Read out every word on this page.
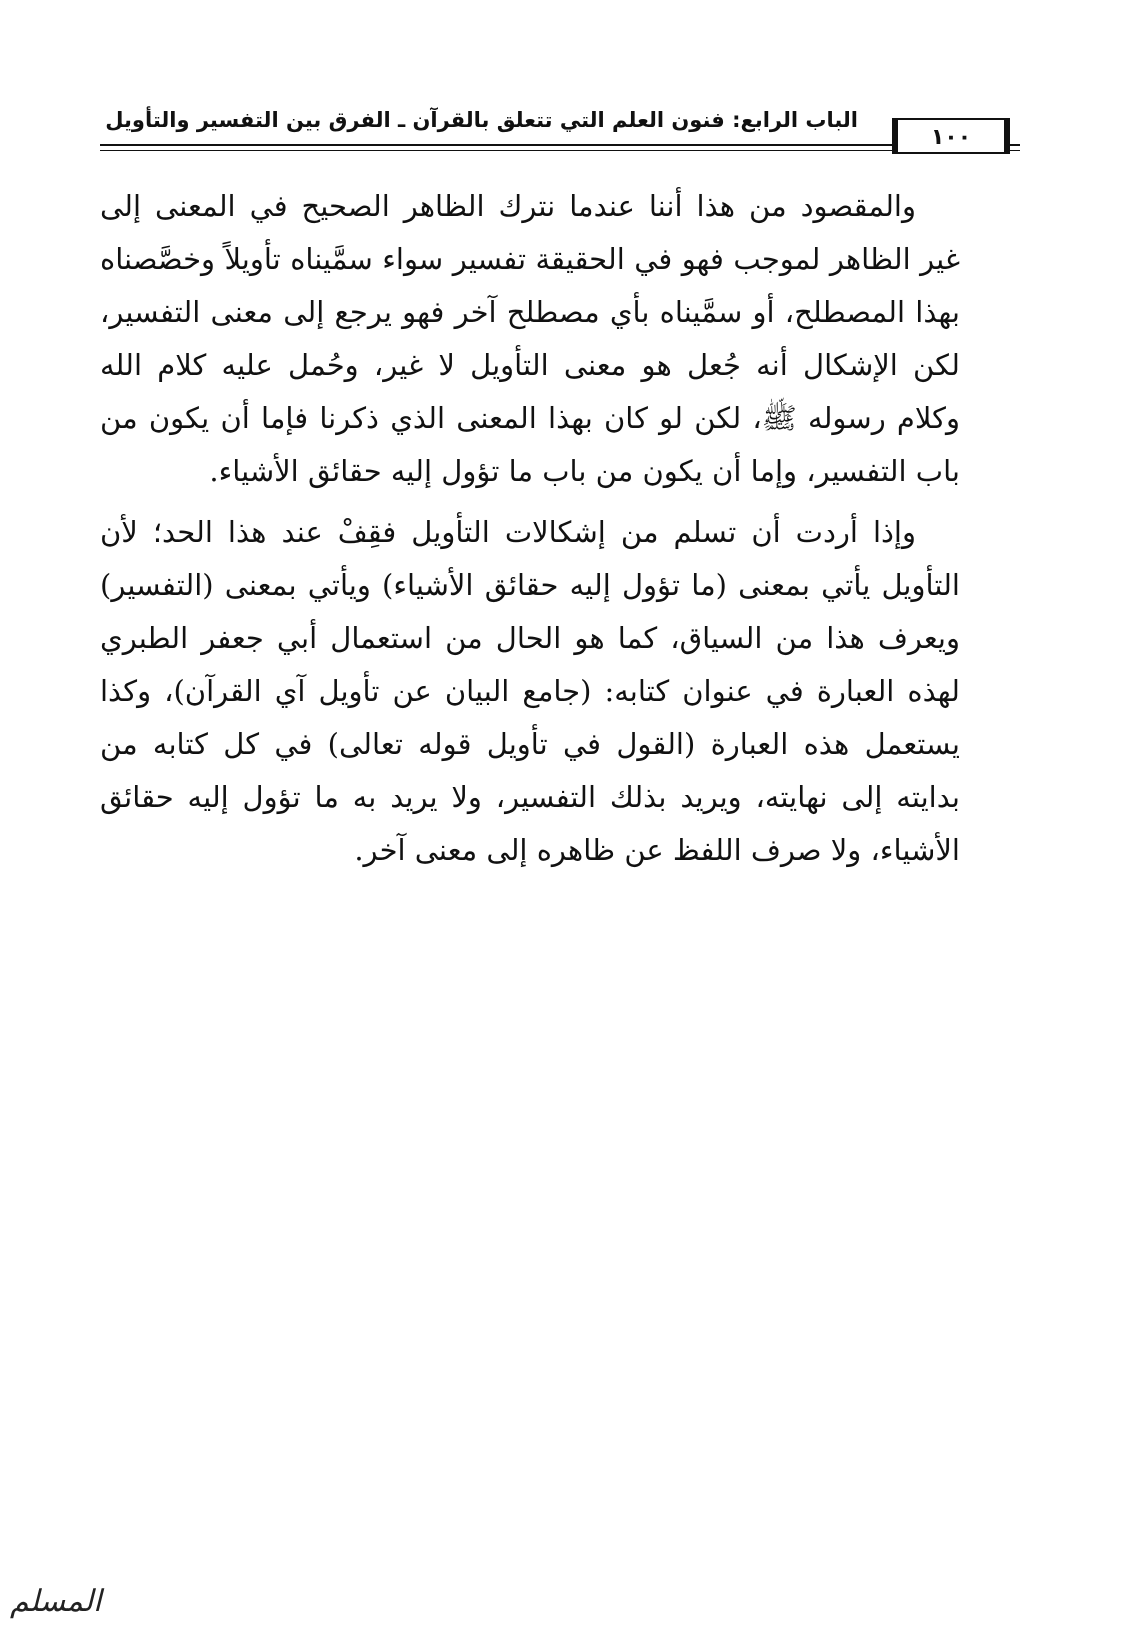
الباب الرابع: فنون العلم التي تتعلق بالقرآن ـ الفرق بين التفسير والتأويل
١٠٠

والمقصود من هذا أننا عندما نترك الظاهر الصحيح في المعنى إلى غير الظاهر لموجب فهو في الحقيقة تفسير سواء سمَّيناه تأويلاً وخصَّصناه بهذا المصطلح، أو سمَّيناه بأي مصطلح آخر فهو يرجع إلى معنى التفسير، لكن الإشكال أنه جُعل هو معنى التأويل لا غير، وحُمل عليه كلام الله وكلام رسوله ﷺ، لكن لو كان بهذا المعنى الذي ذكرنا فإما أن يكون من باب التفسير، وإما أن يكون من باب ما تؤول إليه حقائق الأشياء.

وإذا أردت أن تسلم من إشكالات التأويل فقِفْ عند هذا الحد؛ لأن التأويل يأتي بمعنى (ما تؤول إليه حقائق الأشياء) ويأتي بمعنى (التفسير) ويعرف هذا من السياق، كما هو الحال من استعمال أبي جعفر الطبري لهذه العبارة في عنوان كتابه: (جامع البيان عن تأويل آي القرآن)، وكذا يستعمل هذه العبارة (القول في تأويل قوله تعالى) في كل كتابه من بدايته إلى نهايته، ويريد بذلك التفسير، ولا يريد به ما تؤول إليه حقائق الأشياء، ولا صرف اللفظ عن ظاهره إلى معنى آخر.

المسلم
